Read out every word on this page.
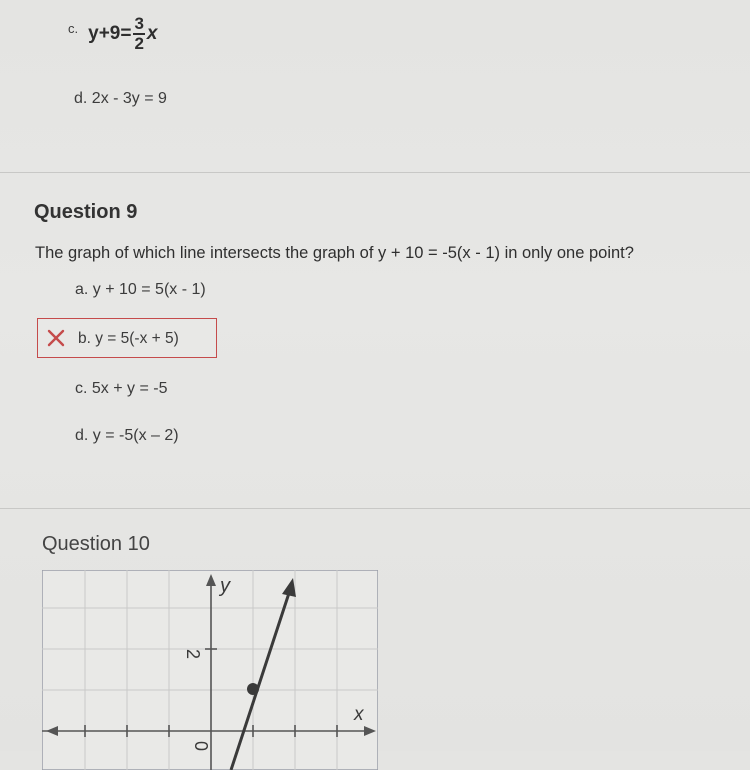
c. $y+9= \frac{3}{2}$ x
d. 2x - 3y = 9
Question 9
The graph of which line intersects the graph of y + 10 = -5(x - 1) in only one point?
a. y + 10 = 5(x - 1)
b. y = 5(-x + 5)
c. 5x + y = -5
d. y = -5(x – 2)
Question 10
y
x
2
0
